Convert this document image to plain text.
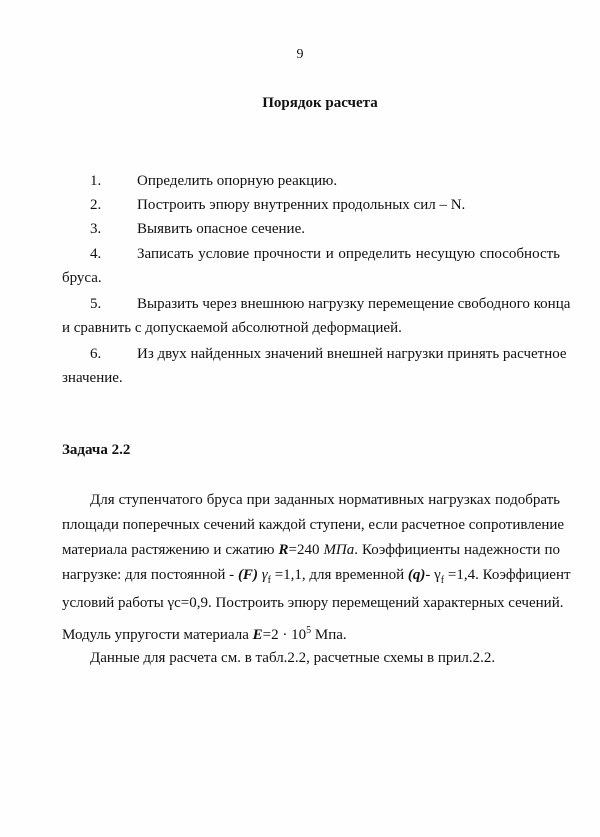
9
Порядок расчета
1. Определить опорную реакцию.
2. Построить эпюру внутренних продольных сил – N.
3. Выявить опасное сечение.
4. Записать условие прочности и определить несущую способность
бруса.
5. Выразить через внешнюю нагрузку перемещение свободного конца
и сравнить с допускаемой абсолютной деформацией.
6. Из двух найденных значений внешней нагрузки принять расчетное
значение.
Задача 2.2
Для ступенчатого бруса при заданных нормативных нагрузках подобрать
площади поперечных сечений каждой ступени, если расчетное сопротивление
материала растяжению и сжатию R=240 МПа. Коэффициенты надежности по
нагрузке: для постоянной - (F) $\gamma_f =1,1$, для временной (q)- $\gamma_f =1,4$. Коэффициент
условий работы γc=0,9. Построить эпюру перемещений характерных сечений.
Модуль упругости материала $E=2 \cdot 10^5$ Мпа.
Данные для расчета см. в табл.2.2, расчетные схемы в прил.2.2.
